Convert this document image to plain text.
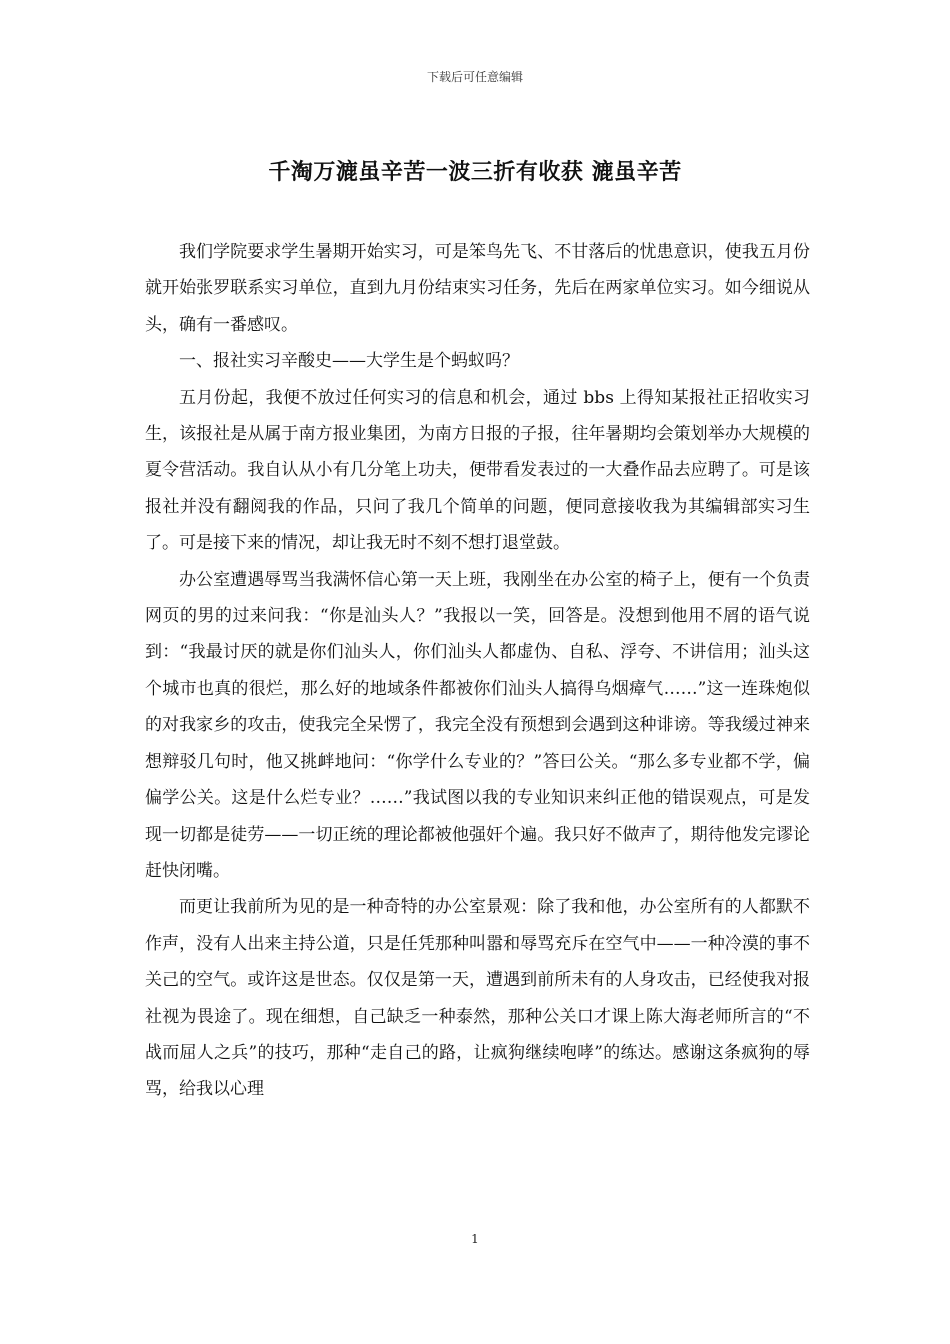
下载后可任意编辑
千淘万漉虽辛苦一波三折有收获 漉虽辛苦

我们学院要求学生暑期开始实习，可是笨鸟先飞、不甘落后的忧患意识，使我五月份就开始张罗联系实习单位，直到九月份结束实习任务，先后在两家单位实习。如今细说从头，确有一番感叹。

一、报社实习辛酸史——大学生是个蚂蚁吗？

五月份起，我便不放过任何实习的信息和机会，通过 bbs 上得知某报社正招收实习生，该报社是从属于南方报业集团，为南方日报的子报，往年暑期均会策划举办大规模的夏令营活动。我自认从小有几分笔上功夫，便带看发表过的一大叠作品去应聘了。可是该报社并没有翻阅我的作品，只问了我几个简单的问题，便同意接收我为其编辑部实习生了。可是接下来的情况，却让我无时不刻不想打退堂鼓。

办公室遭遇辱骂当我满怀信心第一天上班，我刚坐在办公室的椅子上，便有一个负责网页的男的过来问我：“你是汕头人？”我报以一笑，回答是。没想到他用不屑的语气说到：“我最讨厌的就是你们汕头人，你们汕头人都虚伪、自私、浮夸、不讲信用；汕头这个城市也真的很烂，那么好的地域条件都被你们汕头人搞得乌烟瘴气……”这一连珠炮似的对我家乡的攻击，使我完全呆愣了，我完全没有预想到会遇到这种诽谤。等我缓过神来想辩驳几句时，他又挑衅地问：“你学什么专业的？”答曰公关。“那么多专业都不学，偏偏学公关。这是什么烂专业？……”我试图以我的专业知识来纠正他的错误观点，可是发现一切都是徒劳——一切正统的理论都被他强奸个遍。我只好不做声了，期待他发完谬论赶快闭嘴。

而更让我前所为见的是一种奇特的办公室景观：除了我和他，办公室所有的人都默不作声，没有人出来主持公道，只是任凭那种叫嚣和辱骂充斥在空气中——一种冷漠的事不关己的空气。或许这是世态。仅仅是第一天，遭遇到前所未有的人身攻击，已经使我对报社视为畏途了。现在细想，自己缺乏一种泰然，那种公关口才课上陈大海老师所言的“不战而屈人之兵”的技巧，那种“走自己的路，让疯狗继续咆哮”的练达。感谢这条疯狗的辱骂，给我以心理

1
